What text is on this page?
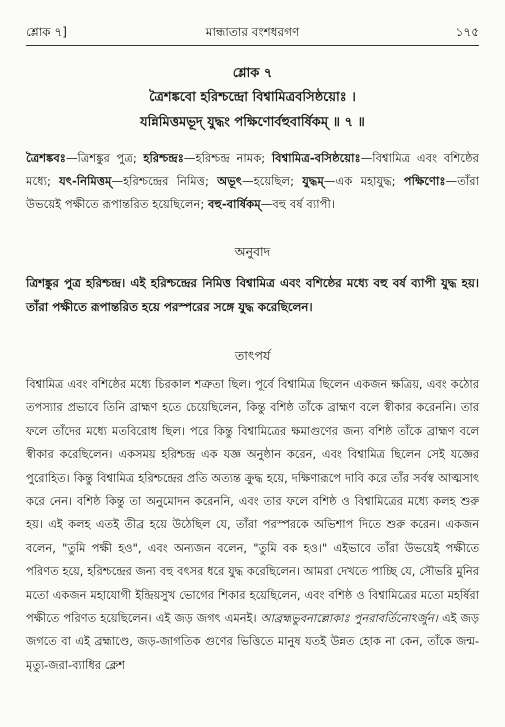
শ্লোক ৭]	মান্ধাতার বংশধরগণ	১৭৫
শ্লোক ৭
ত্রৈশঙ্কবো হরিশ্চন্দ্রো বিশ্বামিত্রবসিষ্ঠয়োঃ ।
যন্নিমিত্তমভূদ্ যুদ্ধং পক্ষিণোর্বহুবার্ষিকম্ ॥ ৭ ॥
ত্রৈশঙ্কবঃ—ত্রিশঙ্কুর পুত্র; হরিশ্চন্দ্রঃ—হরিশ্চন্দ্র নামক; বিশ্বামিত্র-বসিষ্ঠয়োঃ—বিশ্বামিত্র এবং বশিষ্ঠের মধ্যে; যৎ-নিমিত্তম্—হরিশ্চন্দ্রের নিমিত্ত; অভূৎ—হয়েছিল; যুদ্ধম্—এক মহাযুদ্ধ; পক্ষিণোঃ—তাঁরা উভয়েই পক্ষীতে রূপান্তরিত হয়েছিলেন; বহু-বার্ষিকম্—বহু বর্ষ ব্যাপী।
অনুবাদ
ত্রিশঙ্কুর পুত্র হরিশ্চন্দ্র। এই হরিশ্চন্দ্রের নিমিত্ত বিশ্বামিত্র এবং বশিষ্ঠের মধ্যে বহু বর্ষ ব্যাপী যুদ্ধ হয়। তাঁরা পক্ষীতে রূপান্তরিত হয়ে পরস্পরের সঙ্গে যুদ্ধ করেছিলেন।
তাৎপর্য
বিশ্বামিত্র এবং বশিষ্ঠের মধ্যে চিরকাল শত্রুতা ছিল। পূর্বে বিশ্বামিত্র ছিলেন একজন ক্ষত্রিয়, এবং কঠোর তপস্যার প্রভাবে তিনি ব্রাহ্মণ হতে চেয়েছিলেন, কিন্তু বশিষ্ঠ তাঁকে ব্রাহ্মণ বলে স্বীকার করেননি। তার ফলে তাঁদের মধ্যে মতবিরোধ ছিল। পরে কিন্তু বিশ্বামিত্রের ক্ষমাগুণের জন্য বশিষ্ঠ তাঁকে ব্রাহ্মণ বলে স্বীকার করেছিলেন। একসময় হরিশ্চন্দ্র এক যজ্ঞ অনুষ্ঠান করেন, এবং বিশ্বামিত্র ছিলেন সেই যজ্ঞের পুরোহিত। কিন্তু বিশ্বামিত্র হরিশ্চন্দ্রের প্রতি অত্যন্ত ক্রুদ্ধ হয়ে, দক্ষিণারূপে দাবি করে তাঁর সর্বস্ব আত্মসাৎ করে নেন। বশিষ্ঠ কিন্তু তা অনুমোদন করেননি, এবং তার ফলে বশিষ্ঠ ও বিশ্বামিত্রের মধ্যে কলহ শুরু হয়। এই কলহ এতই তীব্র হয়ে উঠেছিল যে, তাঁরা পরস্পরকে অভিশাপ দিতে শুরু করেন। একজন বলেন, "তুমি পক্ষী হও", এবং অন্যজন বলেন, "তুমি বক হও।" এইভাবে তাঁরা উভয়েই পক্ষীতে পরিণত হয়ে, হরিশ্চন্দ্রের জন্য বহু বৎসর ধরে যুদ্ধ করেছিলেন। আমরা দেখতে পাচ্ছি যে, সৌভরি মুনির মতো একজন মহাযোগী ইন্দ্রিয়সুখ ভোগের শিকার হয়েছিলেন, এবং বশিষ্ঠ ও বিশ্বামিত্রের মতো মহর্ষিরা পক্ষীতে পরিণত হয়েছিলেন। এই জড় জগৎ এমনই। আব্রহ্মভুবনাল্লোকাঃ পুনরাবর্তিনোঽর্জুন। এই জড় জগতে বা এই ব্রহ্মাণ্ডে, জড়-জাগতিক গুণের ভিত্তিতে মানুষ যতই উন্নত হোক না কেন, তাঁকে জন্ম-মৃত্যু-জরা-ব্যাধির ক্লেশ
